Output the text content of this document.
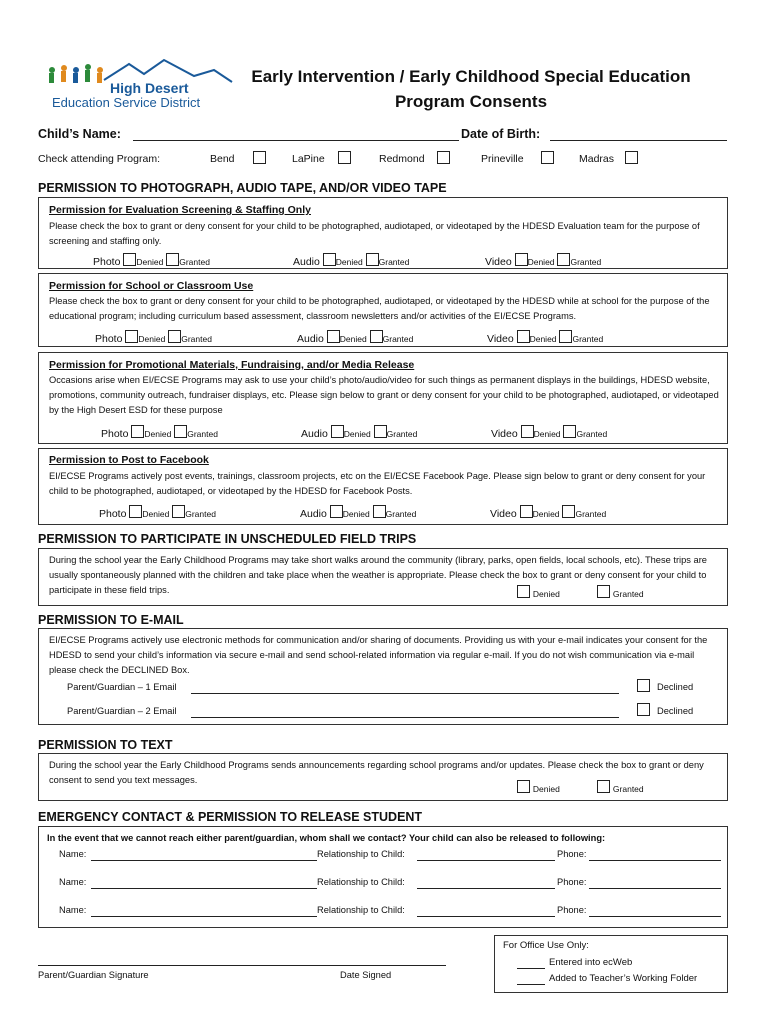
High Desert
Education Service District
Early Intervention / Early Childhood Special Education
Program Consents
Child’s Name:	Date of Birth:
Check attending Program:	Bend	LaPine	Redmond	Prineville	Madras
PERMISSION TO PHOTOGRAPH, AUDIO TAPE, AND/OR VIDEO TAPE
Permission for Evaluation Screening & Staffing Only
Please check the box to grant or deny consent for your child to be photographed, audiotaped, or videotaped by the HDESD Evaluation team for the purpose of screening and staffing only.
Photo Denied Granted	Audio Denied Granted	Video Denied Granted
Permission for School or Classroom Use
Please check the box to grant or deny consent for your child to be photographed, audiotaped, or videotaped by the HDESD while at school for the purpose of the educational program; including curriculum based assessment, classroom newsletters and/or activities of the EI/ECSE Programs.
Photo Denied Granted	Audio Denied Granted	Video Denied Granted
Permission for Promotional Materials, Fundraising, and/or Media Release
Occasions arise when EI/ECSE Programs may ask to use your child’s photo/audio/video for such things as permanent displays in the buildings, HDESD website, promotions, community outreach, fundraiser displays, etc. Please sign below to grant or deny consent for your child to be photographed, audiotaped, or videotaped by the High Desert ESD for these purpose
Photo Denied Granted	Audio Denied Granted	Video Denied Granted
Permission to Post to Facebook
EI/ECSE Programs actively post events, trainings, classroom projects, etc on the EI/ECSE Facebook Page. Please sign below to grant or deny consent for your child to be photographed, audiotaped, or videotaped by the HDESD for Facebook Posts.
Photo Denied Granted	Audio Denied Granted	Video Denied Granted
PERMISSION TO PARTICIPATE IN UNSCHEDULED FIELD TRIPS
During the school year the Early Childhood Programs may take short walks around the community (library, parks, open fields, local schools, etc). These trips are usually spontaneously planned with the children and take place when the weather is appropriate. Please check the box to grant or deny consent for your child to participate in these field trips.	Denied	Granted
PERMISSION TO E-MAIL
EI/ECSE Programs actively use electronic methods for communication and/or sharing of documents. Providing us with your e-mail indicates your consent for the HDESD to send your child’s information via secure e-mail and send school-related information via regular e-mail. If you do not wish communication via e-mail please check the DECLINED Box.
Parent/Guardian – 1 Email	Declined
Parent/Guardian – 2 Email	Declined
PERMISSION TO TEXT
During the school year the Early Childhood Programs sends announcements regarding school programs and/or updates. Please check the box to grant or deny consent to send you text messages.
Denied	Granted
EMERGENCY CONTACT & PERMISSION TO RELEASE STUDENT
In the event that we cannot reach either parent/guardian, whom shall we contact? Your child can also be released to following:
Name:	Relationship to Child:	Phone:
Name:	Relationship to Child:	Phone:
Name:	Relationship to Child:	Phone:
For Office Use Only:
Entered into ecWeb
Added to Teacher’s Working Folder
Parent/Guardian Signature	Date Signed
